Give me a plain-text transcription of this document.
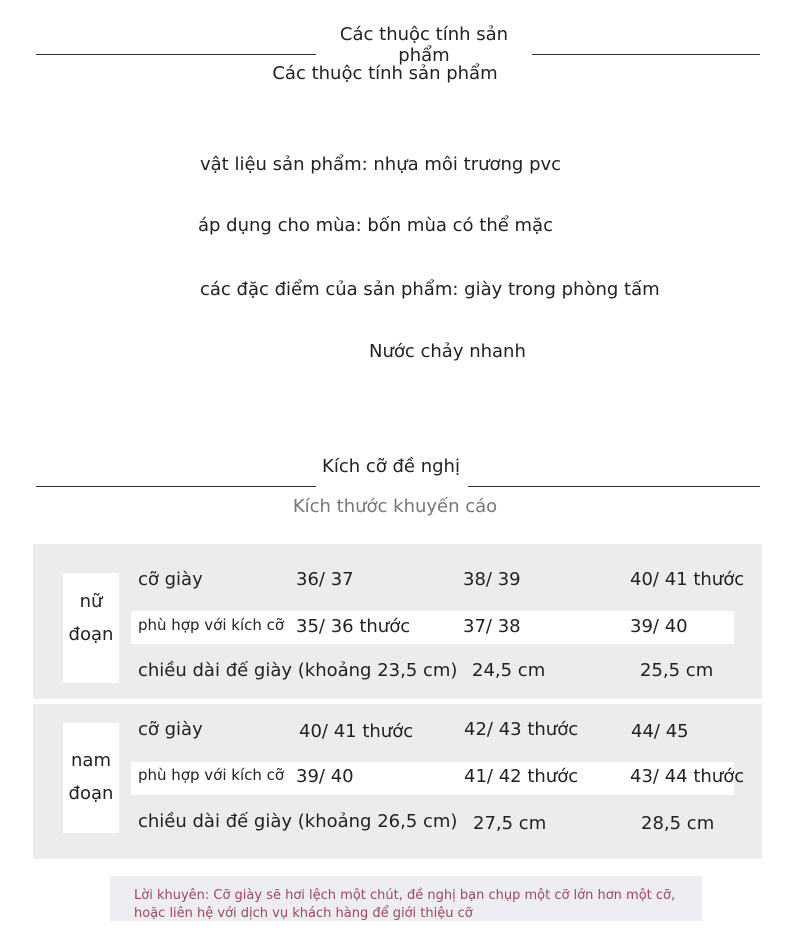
Các thuộc tính sản phẩm
Các thuộc tính sản phẩm
vật liệu sản phẩm: nhựa môi trương pvc
áp dụng cho mùa: bốn mùa có thể mặc
các đặc điểm của sản phẩm: giày trong phòng tấm
Nước chảy nhanh
Kích cỡ đề nghị
Kích thước khuyến cáo
nữ
đoạn
cỡ giày	36/ 37	38/ 39	40/ 41 thước
phù hợp với kích cỡ 35/ 36 thước	37/ 38	39/ 40
chiều dài đế giày (khoảng 23,5 cm) 24,5 cm	25,5 cm
nam
đoạn
cỡ giày	40/ 41 thước	42/ 43 thước	44/ 45
phù hợp với kích cỡ 39/ 40	41/ 42 thước	43/ 44 thước
chiều dài đế giày (khoảng 26,5 cm) 27,5 cm	28,5 cm
Lời khuyên: Cỡ giày sẽ hơi lệch một chút, đề nghị bạn chụp một cỡ lớn hơn một cỡ, hoặc liên hệ với dịch vụ khách hàng để giới thiệu cỡ
